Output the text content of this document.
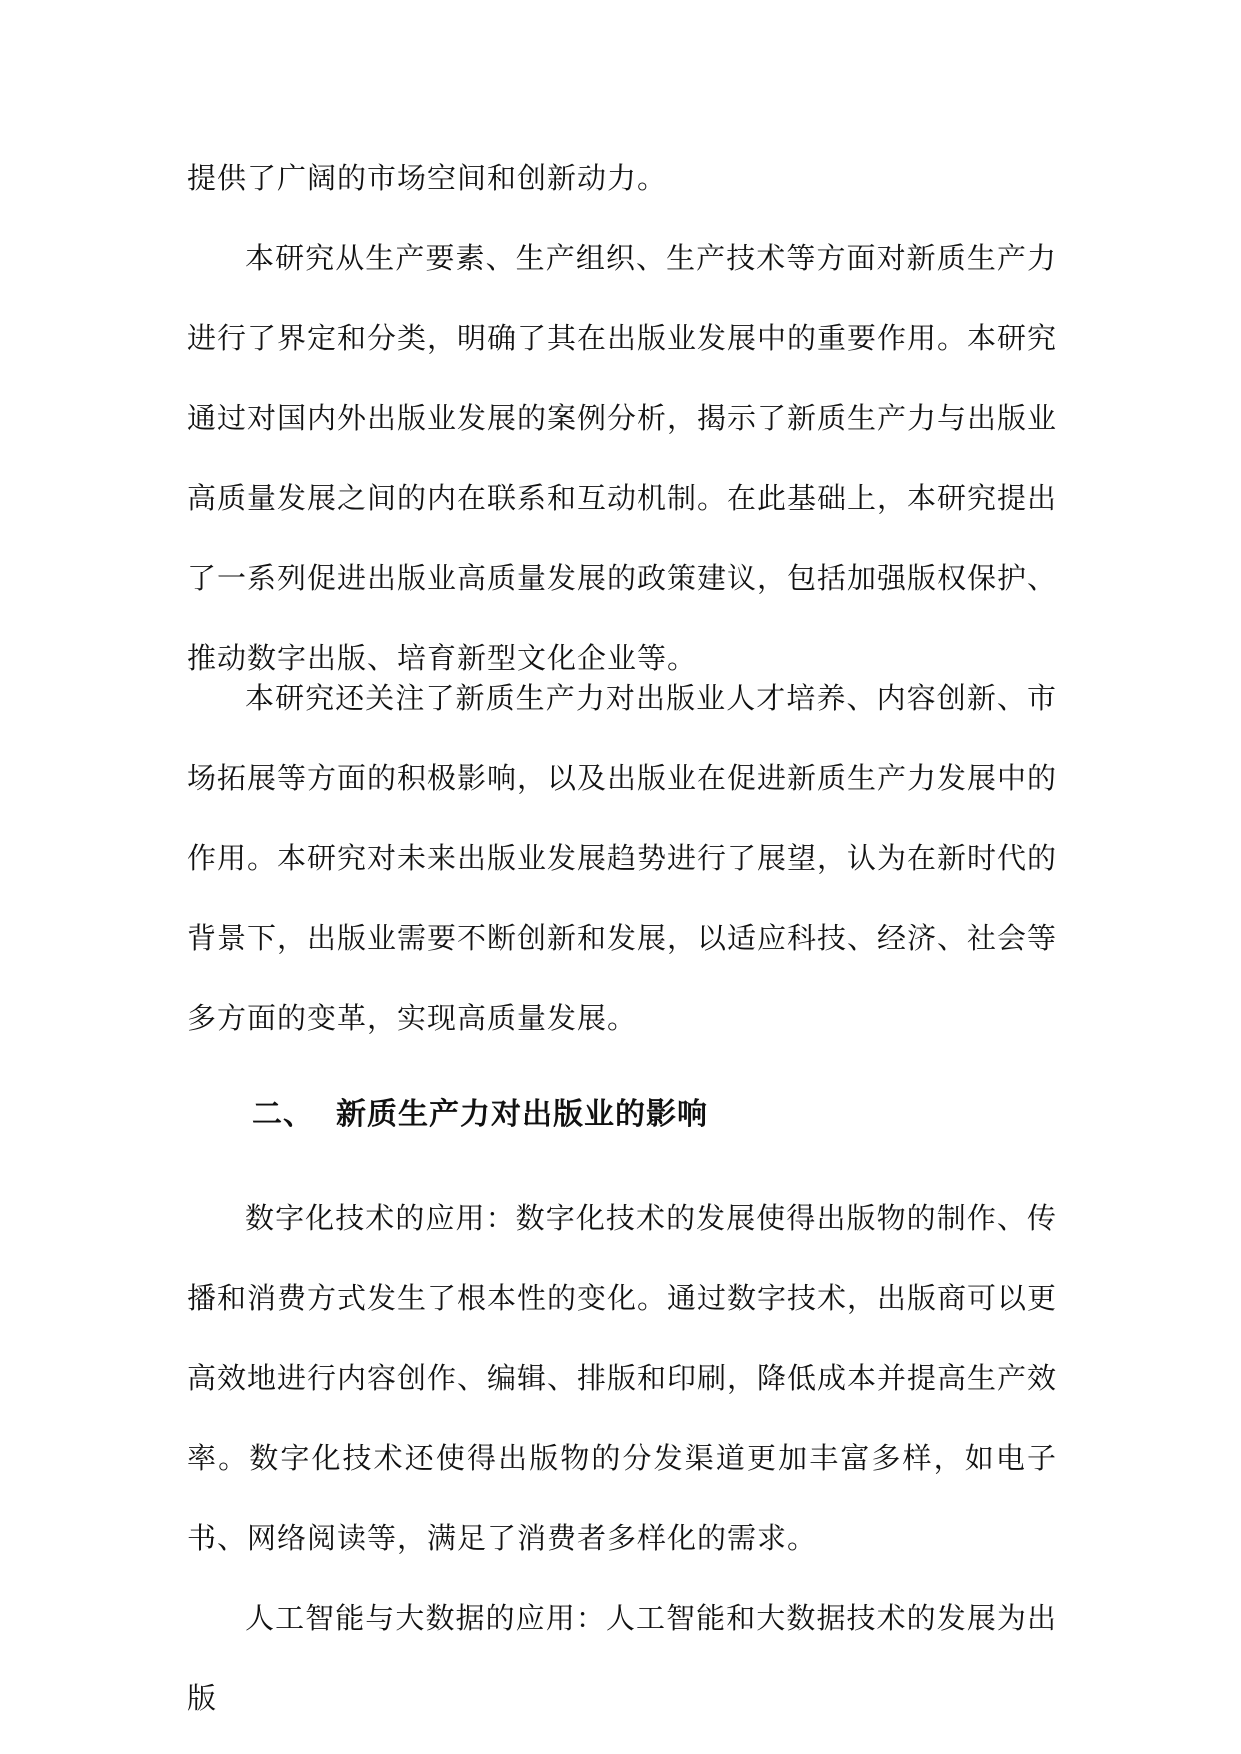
提供了广阔的市场空间和创新动力。

本研究从生产要素、生产组织、生产技术等方面对新质生产力进行了界定和分类，明确了其在出版业发展中的重要作用。本研究通过对国内外出版业发展的案例分析，揭示了新质生产力与出版业高质量发展之间的内在联系和互动机制。在此基础上，本研究提出了一系列促进出版业高质量发展的政策建议，包括加强版权保护、推动数字出版、培育新型文化企业等。

本研究还关注了新质生产力对出版业人才培养、内容创新、市场拓展等方面的积极影响，以及出版业在促进新质生产力发展中的作用。本研究对未来出版业发展趋势进行了展望，认为在新时代的背景下，出版业需要不断创新和发展，以适应科技、经济、社会等多方面的变革，实现高质量发展。

二、 新质生产力对出版业的影响

数字化技术的应用：数字化技术的发展使得出版物的制作、传播和消费方式发生了根本性的变化。通过数字技术，出版商可以更高效地进行内容创作、编辑、排版和印刷，降低成本并提高生产效率。数字化技术还使得出版物的分发渠道更加丰富多样，如电子书、网络阅读等，满足了消费者多样化的需求。

人工智能与大数据的应用：人工智能和大数据技术的发展为出版
